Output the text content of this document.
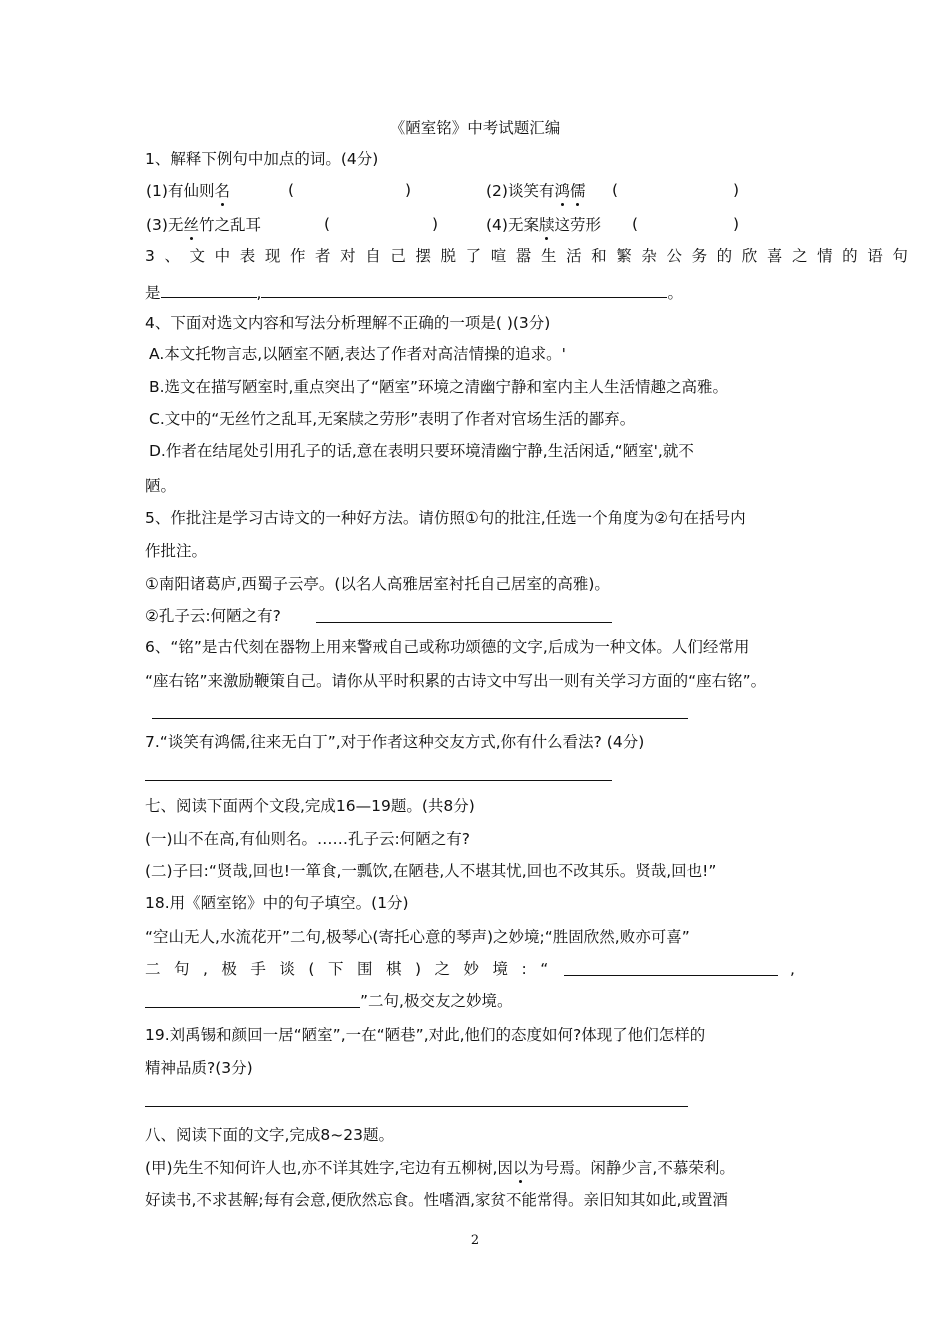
《陋室铭》中考试题汇编
1、解释下例句中加点的词。(4分)
(1)有仙则名	(	)	(2)谈笑有鸿儒 (	)
(3)无丝竹之乱耳	(	)	(4)无案牍这劳形 (	)
3、文中表现作者对自己摆脱了喧嚣生活和繁杂公务的欣喜之情的语句
是	,	。
4、下面对选文内容和写法分析理解不正确的一项是( )(3分)
A.本文托物言志,以陋室不陋,表达了作者对高洁情操的追求。'
B.选文在描写陋室时,重点突出了“陋室”环境之清幽宁静和室内主人生活情趣之高雅。
C.文中的“无丝竹之乱耳,无案牍之劳形”表明了作者对官场生活的鄙弃。
D.作者在结尾处引用孔子的话,意在表明只要环境清幽宁静,生活闲适,“陋室',就不
陋。
5、作批注是学习古诗文的一种好方法。请仿照①句的批注,任选一个角度为②句在括号内
作批注。
①南阳诸葛庐,西蜀子云亭。(以名人高雅居室衬托自己居室的高雅)。
②孔子云:何陋之有?
6、“铭”是古代刻在器物上用来警戒自己或称功颂德的文字,后成为一种文体。人们经常用
“座右铭”来激励鞭策自己。请你从平时积累的古诗文中写出一则有关学习方面的“座右铭”。
7.“谈笑有鸿儒,往来无白丁”,对于作者这种交友方式,你有什么看法? (4分)
七、阅读下面两个文段,完成16—19题。(共8分)
(一)山不在高,有仙则名。……孔子云:何陋之有?
(二)子曰:“贤哉,回也!一箪食,一瓢饮,在陋巷,人不堪其忧,回也不改其乐。贤哉,回也!”
18.用《陋室铭》中的句子填空。(1分)
“空山无人,水流花开”二句,极琴心(寄托心意的琴声)之妙境;“胜固欣然,败亦可喜”
二句,极手谈(下围棋)之妙境:“	,
”二句,极交友之妙境。
19.刘禹锡和颜回一居“陋室”,一在“陋巷”,对此,他们的态度如何?体现了他们怎样的
精神品质?(3分)
八、阅读下面的文字,完成8~23题。
(甲)先生不知何许人也,亦不详其姓字,宅边有五柳树,因以为号焉。闲静少言,不慕荣利。
好读书,不求甚解;每有会意,便欣然忘食。性嗜酒,家贫不能常得。亲旧知其如此,或置酒
2
